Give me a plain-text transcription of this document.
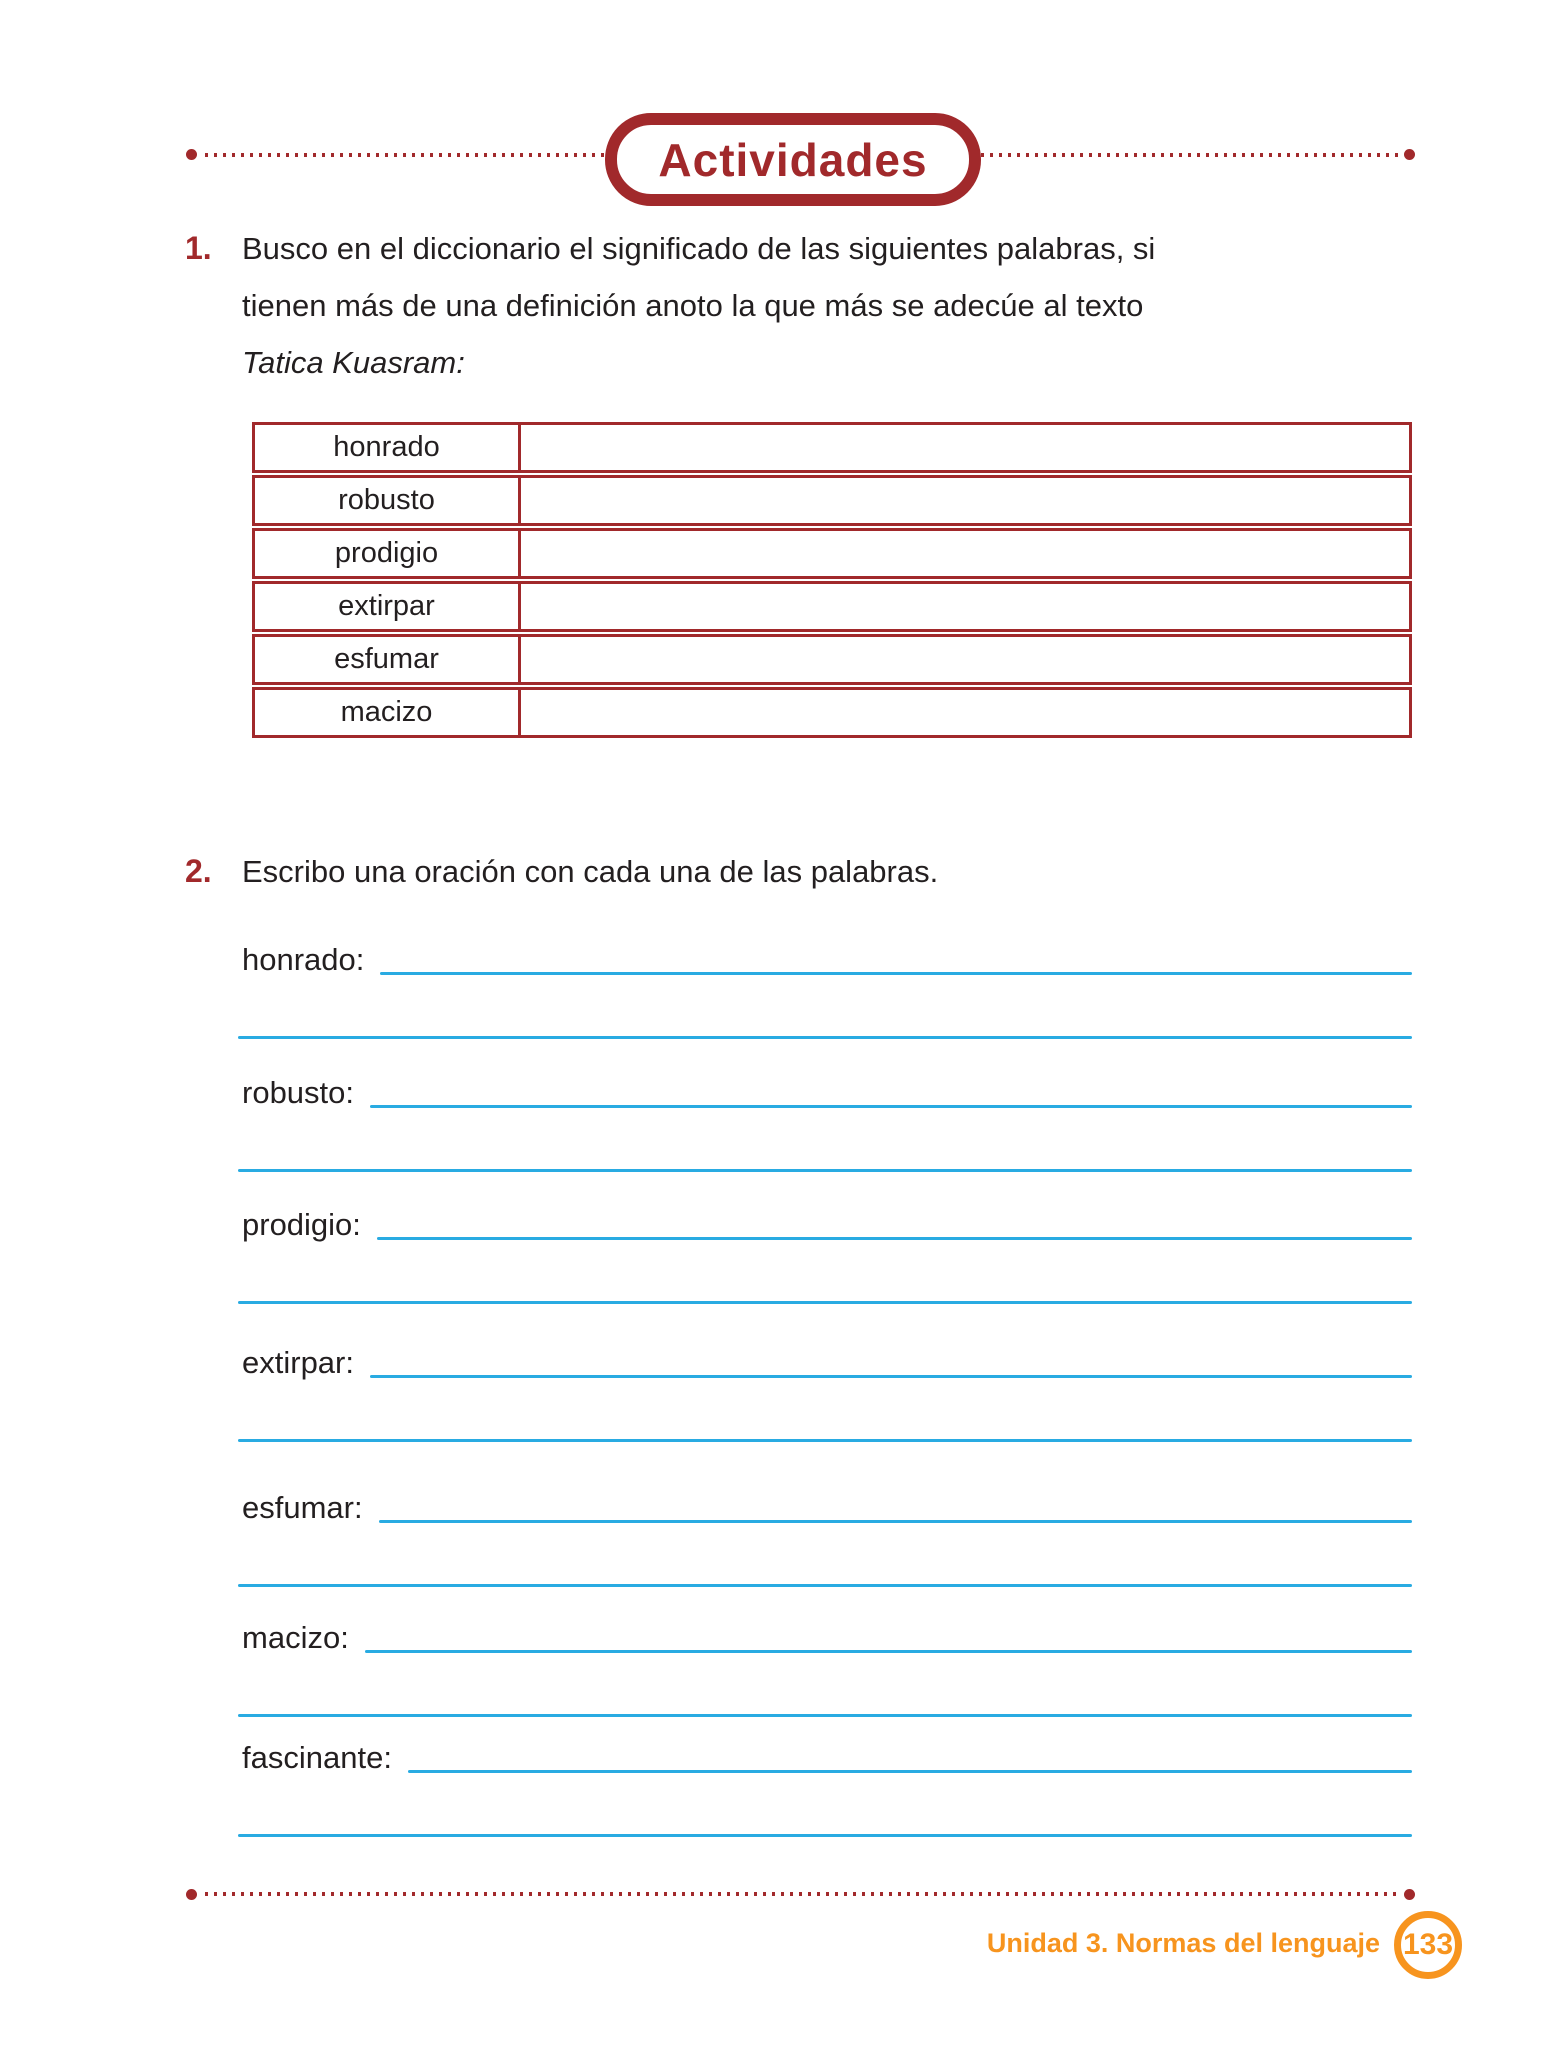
Actividades
1. Busco en el diccionario el significado de las siguientes palabras, si
tienen más de una definición anoto la que más se adecúe al texto
Tatica Kuasram:
honrado
robusto
prodigio
extirpar
esfumar
macizo
2. Escribo una oración con cada una de las palabras.
honrado:
robusto:
prodigio:
extirpar:
esfumar:
macizo:
fascinante:
Unidad 3. Normas del lenguaje 133
